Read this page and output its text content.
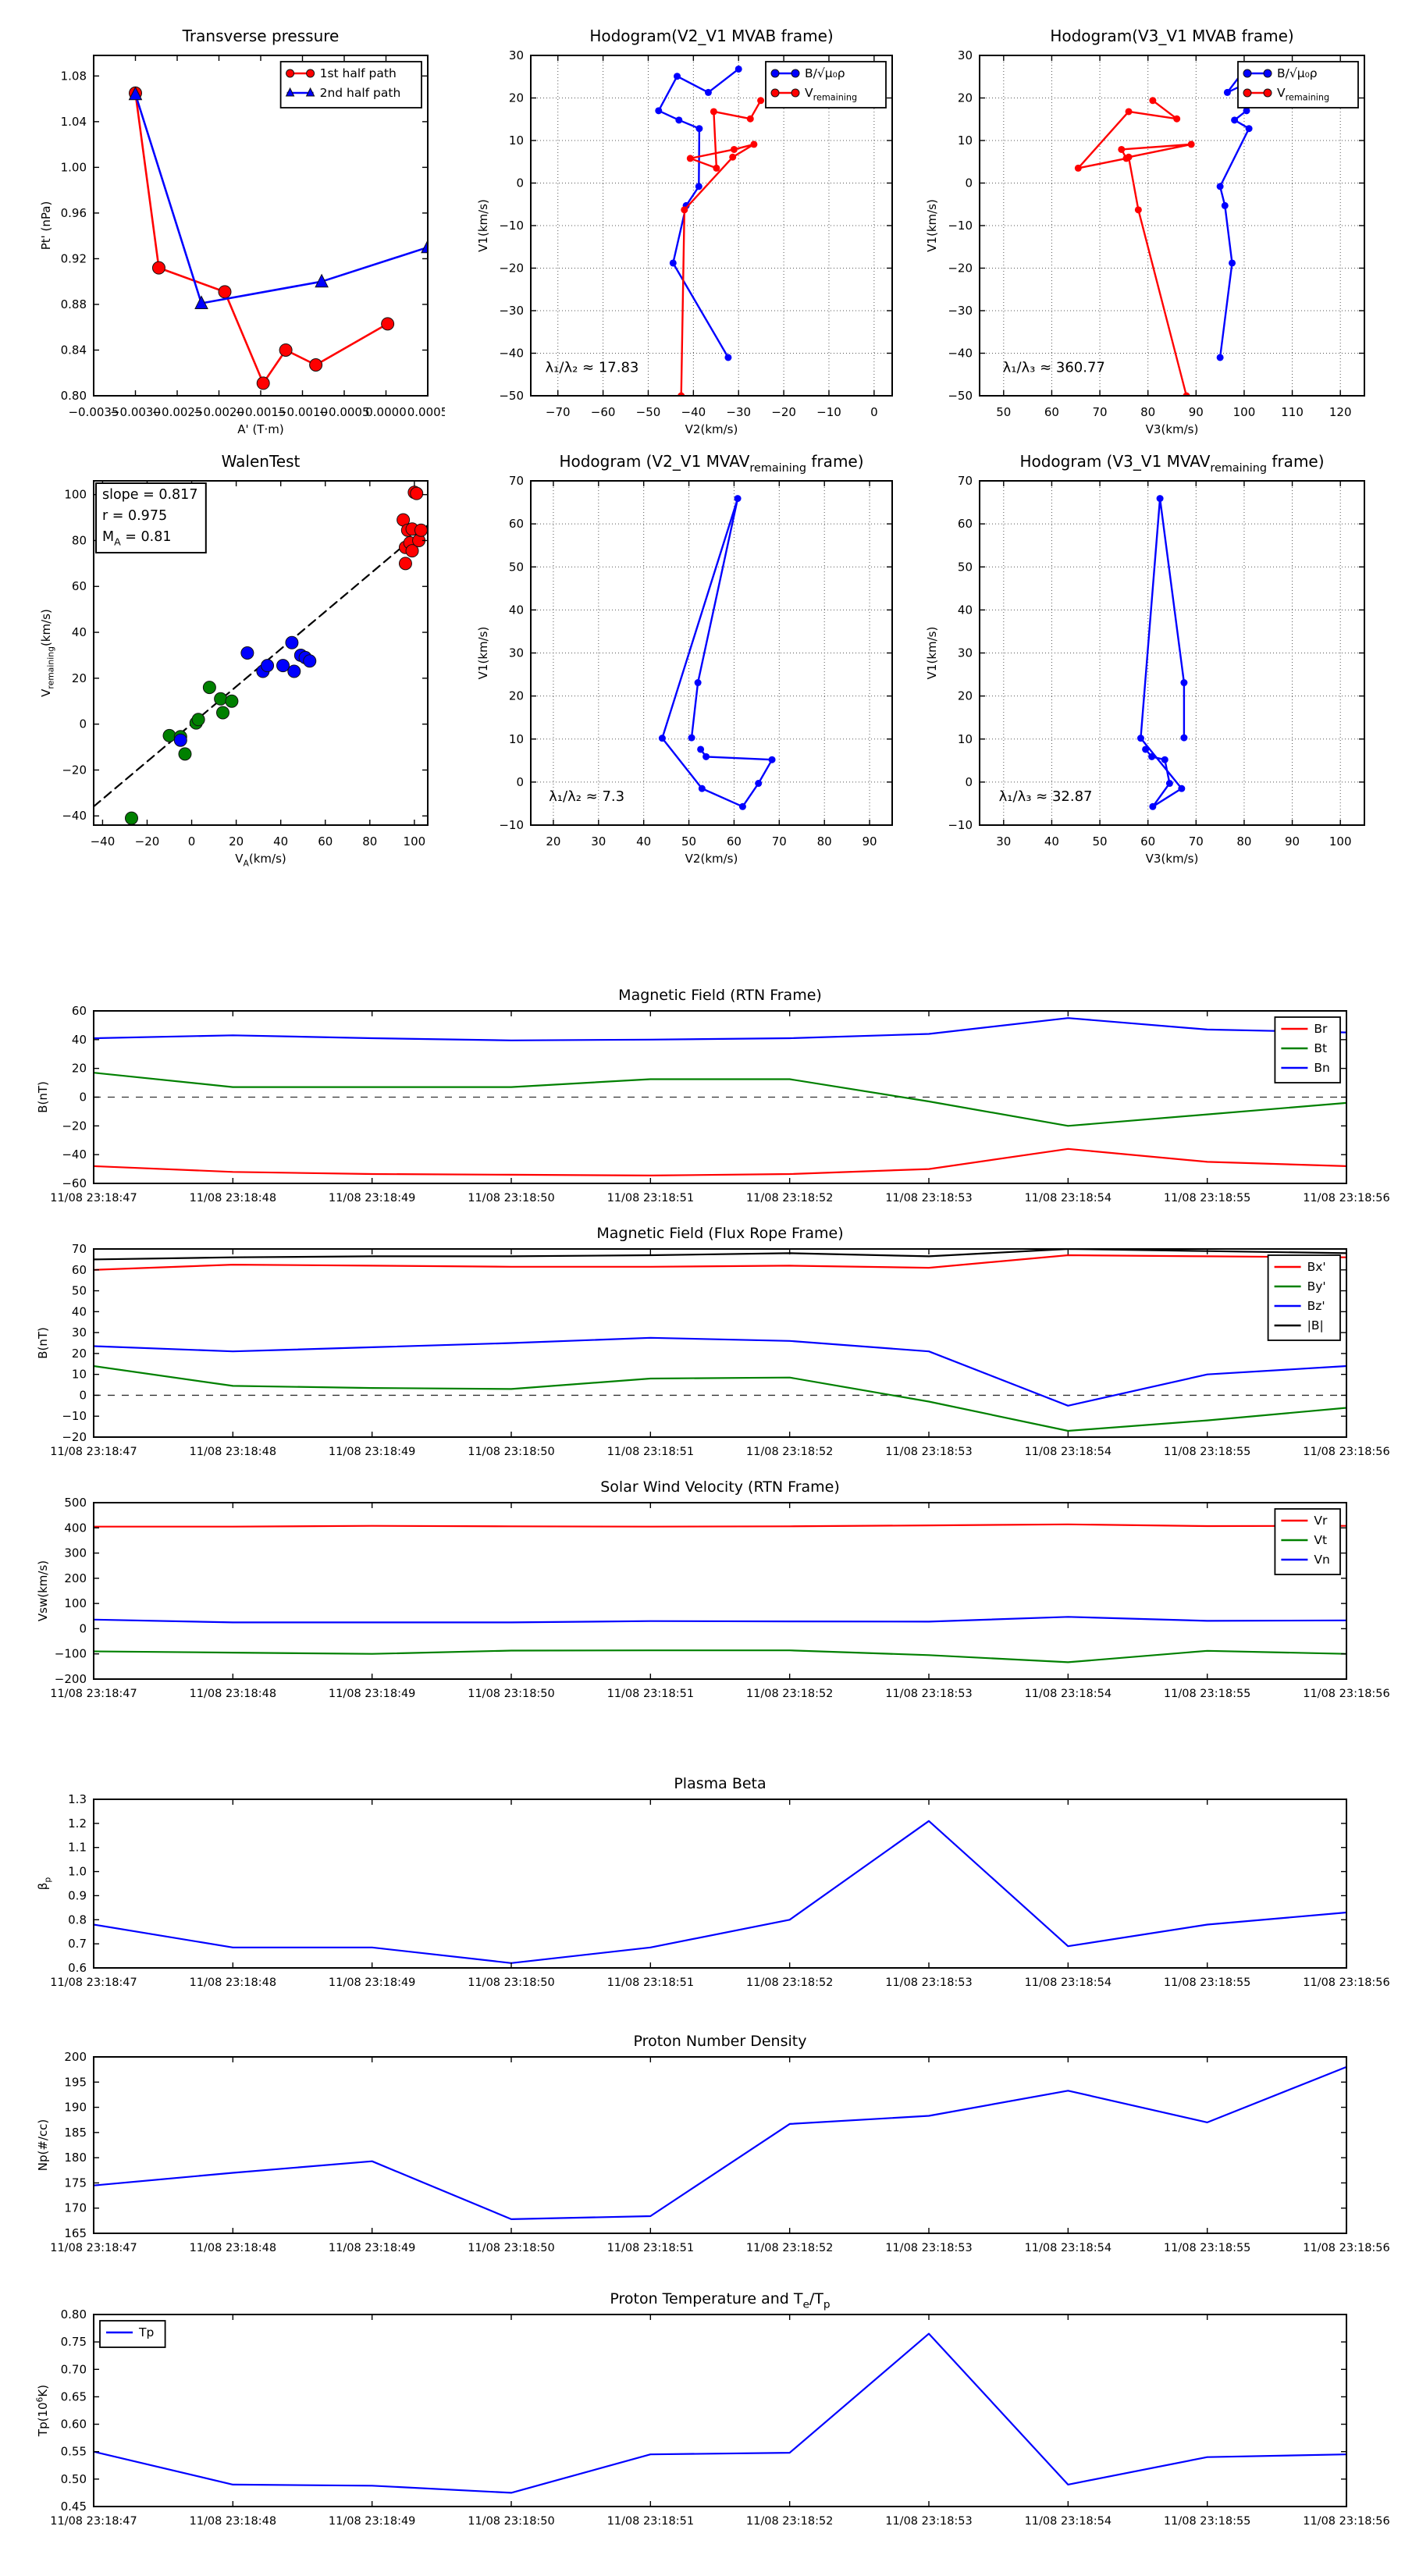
−0.0035
−0.0030
−0.0025
−0.0020
−0.0015
−0.0010
−0.0005
0.0000 0.0005
0.80
0.84
0.88
0.92
0.96
1.00
1.04
1.08
Transverse pressure
A' (T·m)
Pt' (nPa)
1st half path
2nd half path
−70 −60 −50 −40 −30 −20 −10 0
−50
−40
−30
−20
−10
0
10
20
30
Hodogram(V2_V1 MVAB frame)
V2(km/s)
V1(km/s)
λ₁/λ₂ ≈ 17.83
B/√μ₀ρ
$V_{remaining}$
50	60	70	80	90	100 110 120
−50
−40
−30
−20
−10
0
10
20
30
Hodogram(V3_V1 MVAB frame)
V3(km/s)
V1(km/s)
λ₁/λ₃ ≈ 360.77
B/√μ₀ρ
$V_{remaining}$
−40 −20 0	20	40	60	80 100
−40
−20
0
20
40
60
80
100
WalenTest
$V_A(km/s)$
$V_{remaining}(km/s)$
slope = 0.817
r = 0.975
$M_A = 0.81$
20	30	40	50	60	70	80	90
−10
0
10
20
30
40
50
60
70
Hodogram (V2_V1 $MVAV_{remaining}$ frame)
V2(km/s)
V1(km/s)
λ₁/λ₂ ≈ 7.3
30	40	50	60	70	80	90	100
−10
0
10
20
30
40
50
60
70
Hodogram (V3_V1 $MVAV_{remaining}$ frame)
V3(km/s)
V1(km/s)
λ₁/λ₃ ≈ 32.87
11/08 23:18:47	11/08 23:18:48	11/08 23:18:49	11/08 23:18:50	11/08 23:18:51	11/08 23:18:52	11/08 23:18:53	11/08 23:18:54	11/08 23:18:55	11/08 23:18:56
−60
−40
−20
0
20
40
60
Magnetic Field (RTN Frame)
B(nT)
Br
Bt
Bn
11/08 23:18:47	11/08 23:18:48	11/08 23:18:49	11/08 23:18:50	11/08 23:18:51	11/08 23:18:52	11/08 23:18:53	11/08 23:18:54	11/08 23:18:55	11/08 23:18:56
−20
−10
0
10
20
30
40
50
60
70
Magnetic Field (Flux Rope Frame)
B(nT)
Bx'
By'
Bz'
|B|
11/08 23:18:47	11/08 23:18:48	11/08 23:18:49	11/08 23:18:50	11/08 23:18:51	11/08 23:18:52	11/08 23:18:53	11/08 23:18:54	11/08 23:18:55	11/08 23:18:56
−200
−100
0
100
200
300
400
500
Solar Wind Velocity (RTN Frame)
Vsw(km/s)
Vr
Vt
Vn
11/08 23:18:47	11/08 23:18:48	11/08 23:18:49	11/08 23:18:50	11/08 23:18:51	11/08 23:18:52	11/08 23:18:53	11/08 23:18:54	11/08 23:18:55	11/08 23:18:56
0.6
0.7
0.8
0.9
1.0
1.1
1.2
1.3
Plasma Beta
$\beta_p$
11/08 23:18:47	11/08 23:18:48	11/08 23:18:49	11/08 23:18:50	11/08 23:18:51	11/08 23:18:52	11/08 23:18:53	11/08 23:18:54	11/08 23:18:55	11/08 23:18:56
165
170
175
180
185
190
195
200
Proton Number Density
Np(#/cc)
11/08 23:18:47	11/08 23:18:48	11/08 23:18:49	11/08 23:18:50	11/08 23:18:51	11/08 23:18:52	11/08 23:18:53	11/08 23:18:54	11/08 23:18:55	11/08 23:18:56
0.45
0.50
0.55
0.60
0.65
0.70
0.75
0.80
Proton Temperature and $T_e/T_p$
$Tp(10^6K)$
Tp
